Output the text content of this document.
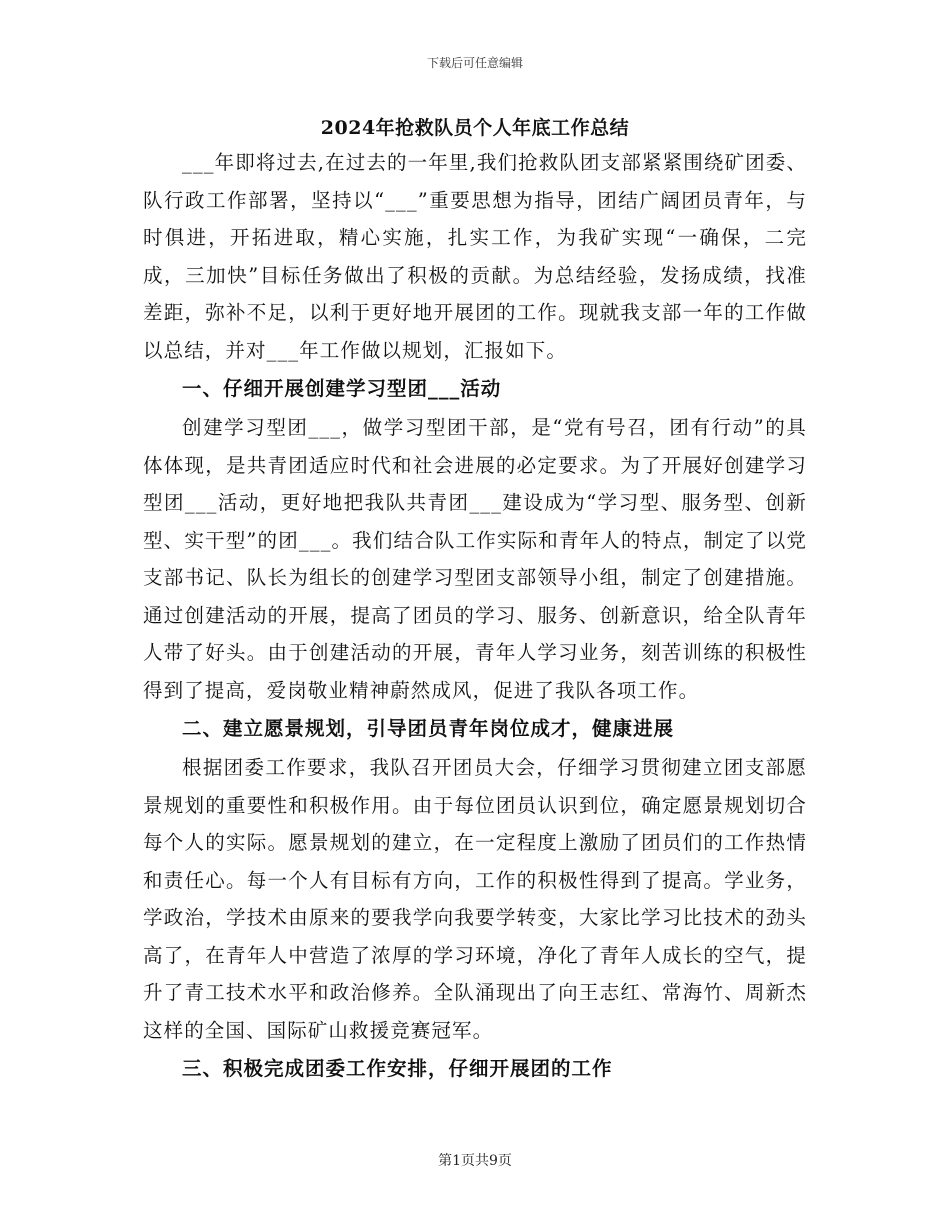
下载后可任意编辑
2024年抢救队员个人年底工作总结

___年即将过去,在过去的一年里,我们抢救队团支部紧紧围绕矿团委、队行政工作部署，坚持以“___”重要思想为指导，团结广阔团员青年，与时俱进，开拓进取，精心实施，扎实工作，为我矿实现“一确保，二完成，三加快”目标任务做出了积极的贡献。为总结经验，发扬成绩，找准差距，弥补不足，以利于更好地开展团的工作。现就我支部一年的工作做以总结，并对___年工作做以规划，汇报如下。

一、仔细开展创建学习型团___活动

创建学习型团___，做学习型团干部，是“党有号召，团有行动”的具体体现，是共青团适应时代和社会进展的必定要求。为了开展好创建学习型团___活动，更好地把我队共青团___建设成为“学习型、服务型、创新型、实干型”的团___。我们结合队工作实际和青年人的特点，制定了以党支部书记、队长为组长的创建学习型团支部领导小组，制定了创建措施。通过创建活动的开展，提高了团员的学习、服务、创新意识，给全队青年人带了好头。由于创建活动的开展，青年人学习业务，刻苦训练的积极性得到了提高，爱岗敬业精神蔚然成风，促进了我队各项工作。

二、建立愿景规划，引导团员青年岗位成才，健康进展

根据团委工作要求，我队召开团员大会，仔细学习贯彻建立团支部愿景规划的重要性和积极作用。由于每位团员认识到位，确定愿景规划切合每个人的实际。愿景规划的建立，在一定程度上激励了团员们的工作热情和责任心。每一个人有目标有方向，工作的积极性得到了提高。学业务，学政治，学技术由原来的要我学向我要学转变，大家比学习比技术的劲头高了，在青年人中营造了浓厚的学习环境，净化了青年人成长的空气，提升了青工技术水平和政治修养。全队涌现出了向王志红、常海竹、周新杰这样的全国、国际矿山救援竞赛冠军。

三、积极完成团委工作安排，仔细开展团的工作
第1页共9页
